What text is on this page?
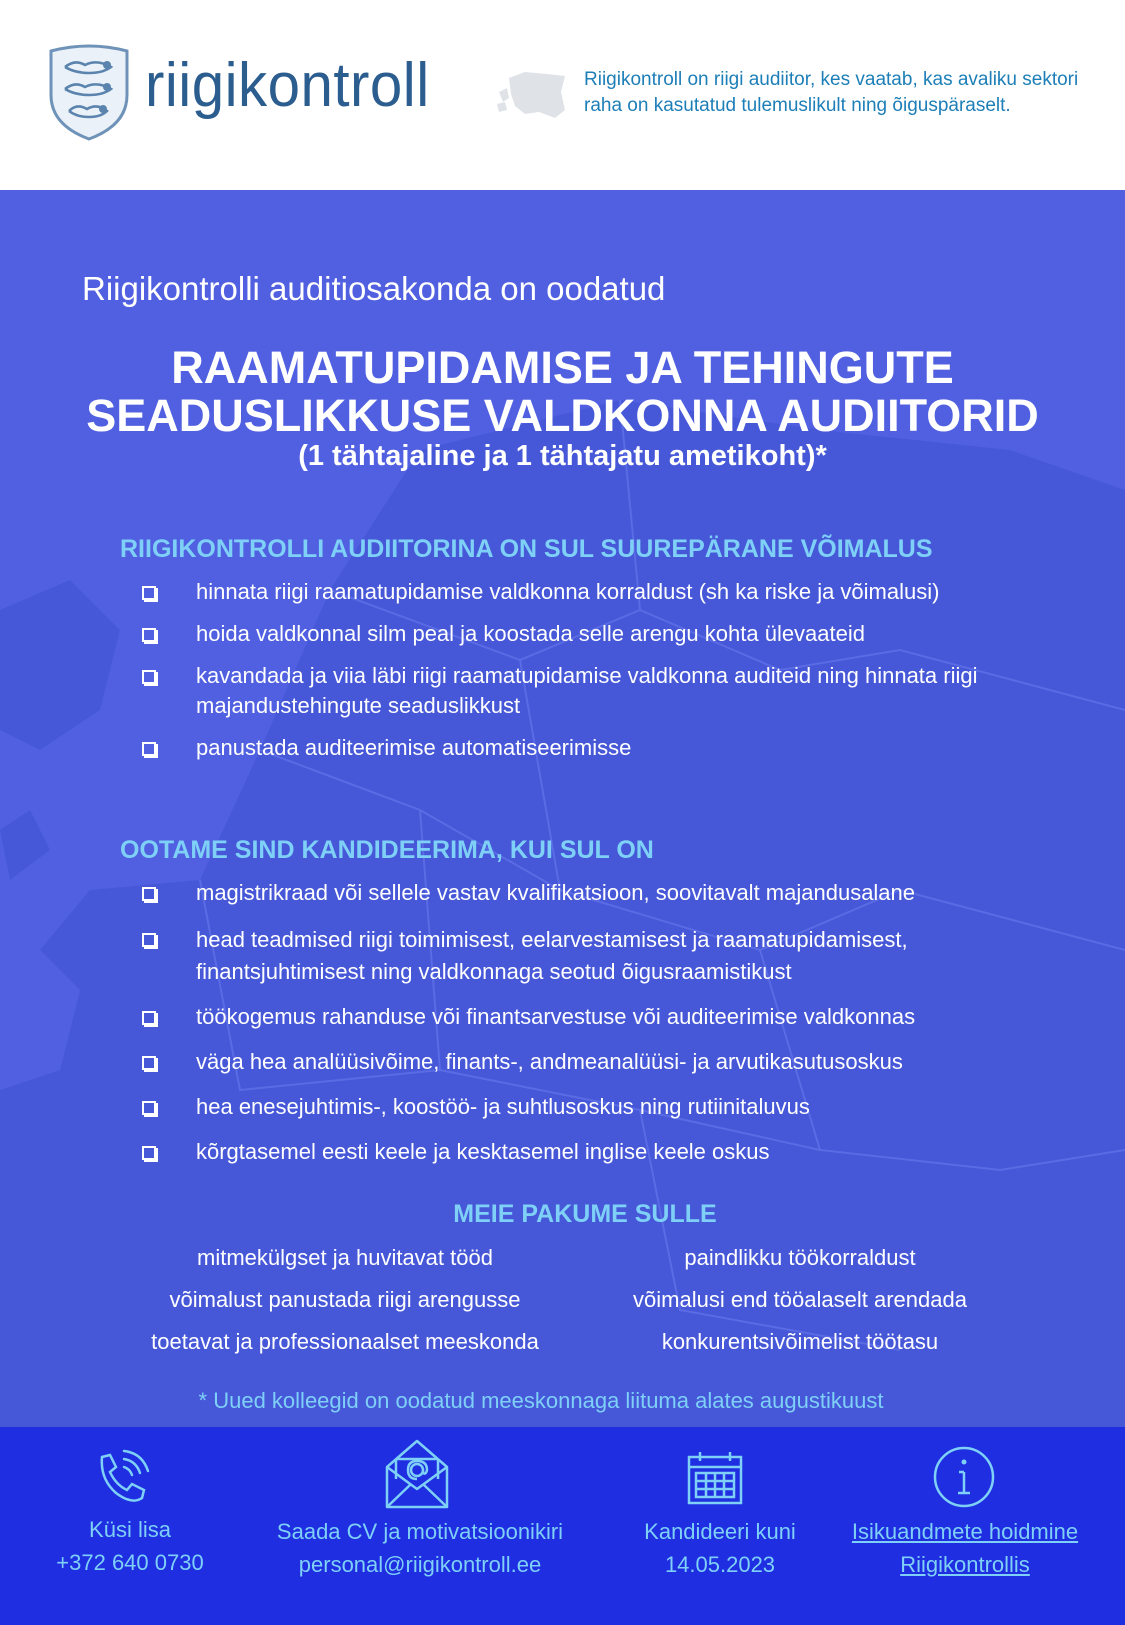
riigikontroll	Riigikontroll on riigi audiitor, kes vaatab, kas avaliku sektori
raha on kasutatud tulemuslikult ning õiguspäraselt.
Riigikontrolli auditiosakonda on oodatud
RAAMATUPIDAMISE JA TEHINGUTE
SEADUSLIKKUSE VALDKONNA AUDIITORID
(1 tähtajaline ja 1 tähtajatu ametikoht)*
RIIGIKONTROLLI AUDIITORINA ON SUL SUUREPÄRANE VÕIMALUS
hinnata riigi raamatupidamise valdkonna korraldust (sh ka riske ja võimalusi)
hoida valdkonnal silm peal ja koostada selle arengu kohta ülevaateid
kavandada ja viia läbi riigi raamatupidamise valdkonna auditeid ning hinnata riigi majandustehingute seaduslikkust
panustada auditeerimise automatiseerimisse
OOTAME SIND KANDIDEERIMA, KUI SUL ON
magistrikraad või sellele vastav kvalifikatsioon, soovitavalt majandusalane
head teadmised riigi toimimisest, eelarvestamisest ja raamatupidamisest, finantsjuhtimisest ning valdkonnaga seotud õigusraamistikust
töökogemus rahanduse või finantsarvestuse või auditeerimise valdkonnas
väga hea analüüsivõime, finants-, andmeanalüüsi- ja arvutikasutusoskus
hea enesejuhtimis-, koostöö- ja suhtlusoskus ning rutiinitaluvus
kõrgtasemel eesti keele ja kesktasemel inglise keele oskus
MEIE PAKUME SULLE
mitmekülgset ja huvitavat tööd
võimalust panustada riigi arengusse
toetavat ja professionaalset meeskonda
paindlikku töökorraldust
võimalusi end tööalaselt arendada
konkurentsivõimelist töötasu
* Uued kolleegid on oodatud meeskonnaga liituma alates augustikuust
Küsi lisa
+372 640 0730
Saada CV ja motivatsioonikiri
personal@riigikontroll.ee
Kandideeri kuni
14.05.2023
Isikuandmete hoidmine
Riigikontrollis
